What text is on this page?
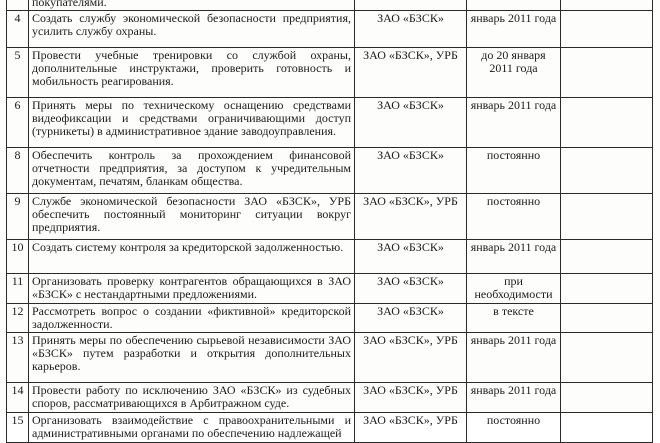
	покупателями.			
4	Создать службу экономической безопасности предприятия, усилить службу охраны.	ЗАО «БЗСК»	январь 2011 года	
5	Провести учебные тренировки со службой охраны, дополнительные инструктажи, проверить готовность и мобильность реагирования.	ЗАО «БЗСК», УРБ	до 20 января 2011 года	
6	Принять меры по техническому оснащению средствами видеофиксации и средствами ограничивающими доступ (турникеты) в административное здание заводоуправления.	ЗАО «БЗСК»	январь 2011 года	
8	Обеспечить контроль за прохождением финансовой отчетности предприятия, за доступом к учредительным документам, печатям, бланкам общества.	ЗАО «БЗСК»	постоянно	
9	Службе экономической безопасности ЗАО «БЗСК», УРБ обеспечить постоянный мониторинг ситуации вокруг предприятия.	ЗАО «БЗСК», УРБ	постоянно	
10	Создать систему контроля за кредиторской задолженностью.	ЗАО «БЗСК»	январь 2011 года	
11	Организовать проверку контрагентов обращающихся в ЗАО «БЗСК» с нестандартными предложениями.	ЗАО «БЗСК»	при необходимости	
12	Рассмотреть вопрос о создании «фиктивной» кредиторской задолженности.	ЗАО «БЗСК»	в тексте	
13	Принять меры по обеспечению сырьевой независимости ЗАО «БЗСК» путем разработки и открытия дополнительных карьеров.	ЗАО «БЗСК», УРБ	январь 2011 года	
14	Провести работу по исключению ЗАО «БЗСК» из судебных споров, рассматривающихся в Арбитражном суде.	ЗАО «БЗСК», УРБ	январь 2011 года	
15	Организовать взаимодействие с правоохранительными и административными органами по обеспечению надлежащей	ЗАО «БЗСК», УРБ	постоянно	
